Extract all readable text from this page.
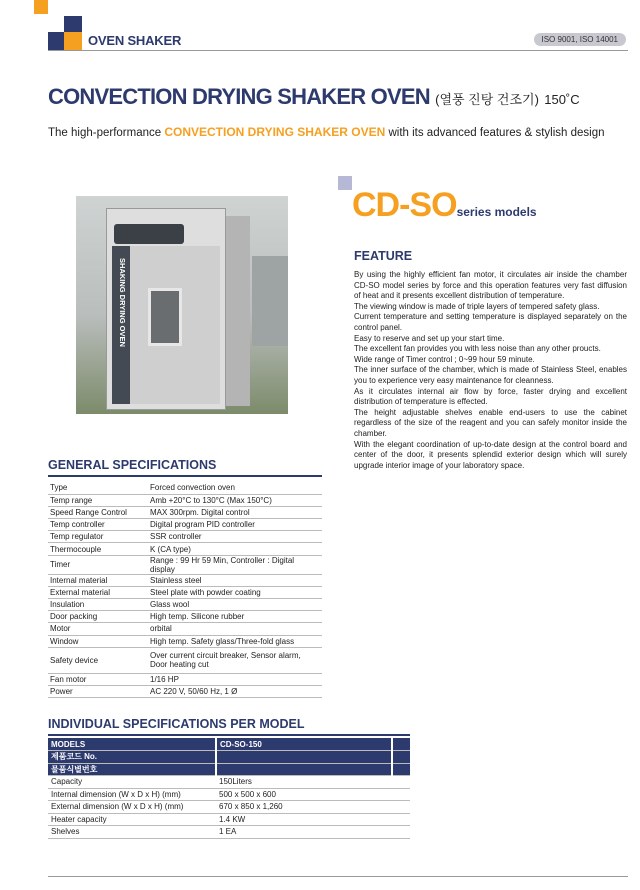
OVEN SHAKER	ISO 9001, ISO 14001
CONVECTION DRYING SHAKER OVEN (열풍 진탕 건조기) 150˚C
The high-performance CONVECTION DRYING SHAKER OVEN with its advanced features & stylish design
SHAKING DRYING OVEN
CD-SOseries models
FEATURE

By using the highly efficient fan motor, it circulates air inside the chamber CD-SO model series by force and this operation features very fast diffusion of heat and it presents excellent distribution of temperature.

The viewing window is made of triple layers of tempered safety glass.

Current temperature and setting temperature is displayed separately on the control panel.

Easy to reserve and set up your start time.

The excellent fan provides you with less noise than any other proucts.

Wide range of Timer control ; 0~99 hour 59 minute.

The inner surface of the chamber, which is made of Stainless Steel, enables you to experience very easy maintenance for cleanness.

As it circulates internal air flow by force, faster drying and excellent distribution of temperature is effected.

The height adjustable shelves enable end-users to use the cabinet regardless of the size of the reagent and you can safely monitor inside the chamber.

With the elegant coordination of up-to-date design at the control board and center of the door, it presents splendid exterior design which will surely upgrade interior image of your laboratory space.

GENERAL SPECIFICATIONS
Type	Forced convection oven
Temp range	Amb +20°C to 130°C (Max 150°C)
Speed Range Control	MAX 300rpm. Digital control
Temp controller	Digital program PID controller
Temp regulator	SSR controller
Thermocouple	K (CA type)
Timer	Range : 99 Hr 59 Min, Controller : Digital display
Internal material	Stainless steel
External material	Steel plate with powder coating
Insulation	Glass wool
Door packing	High temp. Silicone rubber
Motor	orbital
Window	High temp. Safety glass/Three-fold glass
Safety device	Over current circuit breaker, Sensor alarm,
Door heating cut

Fan motor	1/16 HP
Power	AC 220 V, 50/60 Hz, 1 Ø
INDIVIDUAL SPECIFICATIONS PER MODEL
MODELS	CD-SO-150	
제품코드 No.		
물품식별번호		
Capacity	150Liters	
Internal dimension (W x D x H) (mm)	500 x 500 x 600	
External dimension (W x D x H) (mm)	670 x 850 x 1,260	
Heater capacity	1.4 KW	
Shelves	1 EA	
